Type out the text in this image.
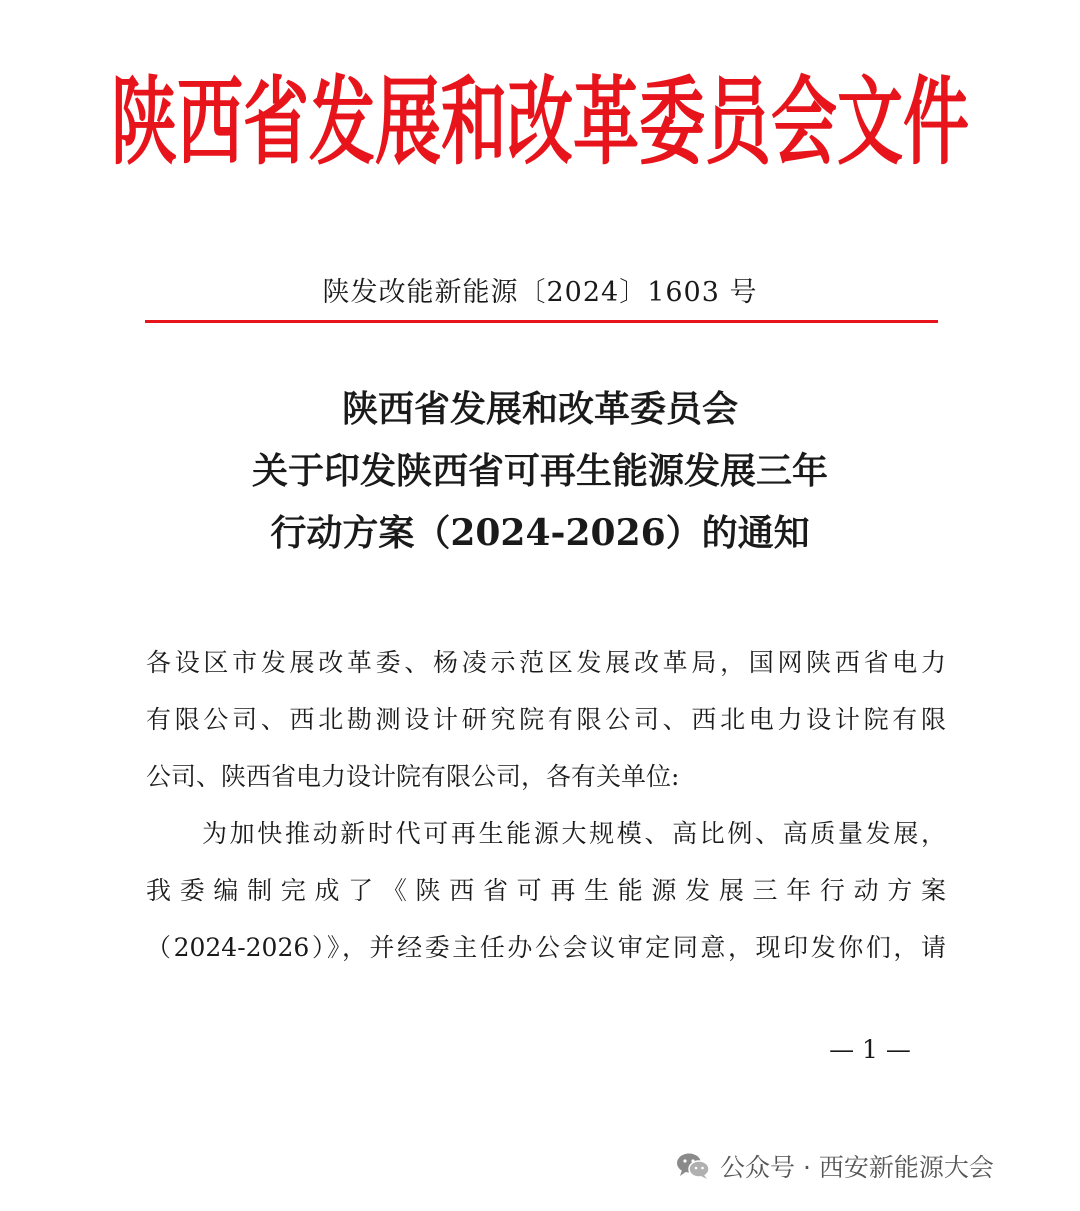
陕西省发展和改革委员会文件
陕发改能新能源〔2024〕1603 号
陕西省发展和改革委员会
关于印发陕西省可再生能源发展三年
行动方案（2024-2026）的通知
各设区市发展改革委、杨凌示范区发展改革局，国网陕西省电力
有限公司、西北勘测设计研究院有限公司、西北电力设计院有限
公司、陕西省电力设计院有限公司，各有关单位:
为加快推动新时代可再生能源大规模、高比例、高质量发展，
我委编制完成了《陕西省可再生能源发展三年行动方案
（2024-2026）》，并经委主任办公会议审定同意，现印发你们，请
— 1 —
公众号 · 西安新能源大会
